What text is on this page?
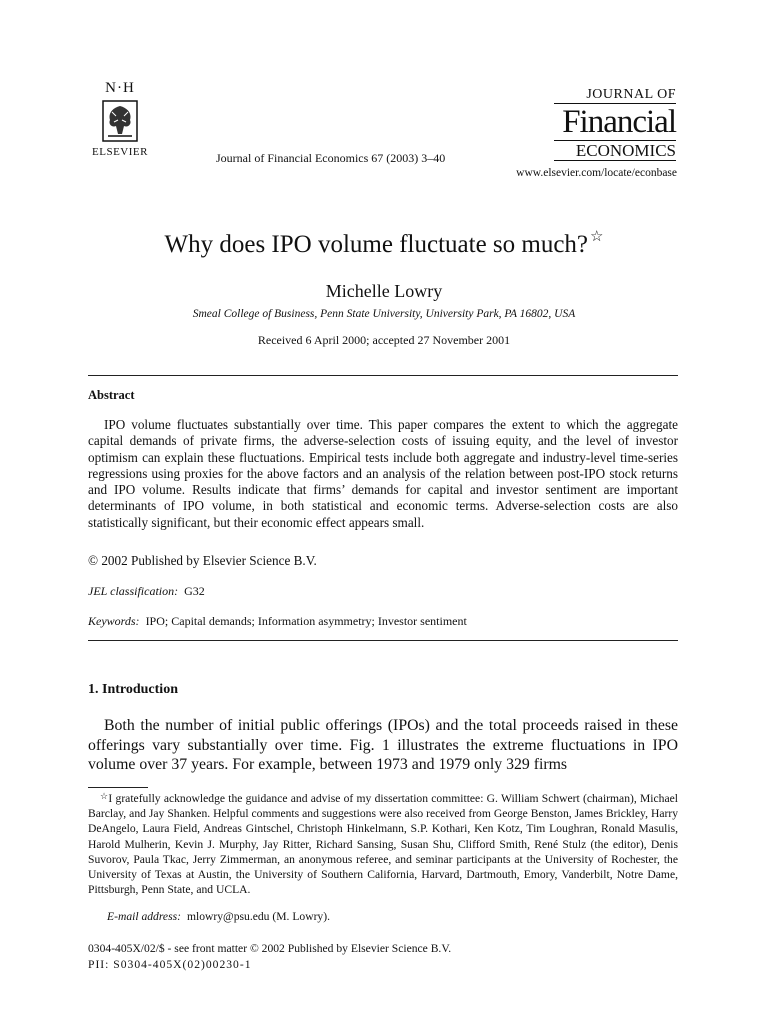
N·H
ELSEVIER	Journal of Financial Economics 67 (2003) 3–40
JOURNAL OF
Financial
ECONOMICS
www.elsevier.com/locate/econbase
Why does IPO volume fluctuate so much? ☆
Michelle Lowry
Smeal College of Business, Penn State University, University Park, PA 16802, USA
Received 6 April 2000; accepted 27 November 2001
Abstract
IPO volume fluctuates substantially over time. This paper compares the extent to which the aggregate capital demands of private firms, the adverse-selection costs of issuing equity, and the level of investor optimism can explain these fluctuations. Empirical tests include both aggregate and industry-level time-series regressions using proxies for the above factors and an analysis of the relation between post-IPO stock returns and IPO volume. Results indicate that firms’ demands for capital and investor sentiment are important determinants of IPO volume, in both statistical and economic terms. Adverse-selection costs are also statistically significant, but their economic effect appears small.
© 2002 Published by Elsevier Science B.V.
JEL classification: G32
Keywords: IPO; Capital demands; Information asymmetry; Investor sentiment
1. Introduction
Both the number of initial public offerings (IPOs) and the total proceeds raised in these offerings vary substantially over time. Fig. 1 illustrates the extreme fluctuations in IPO volume over 37 years. For example, between 1973 and 1979 only 329 firms
☆I gratefully acknowledge the guidance and advise of my dissertation committee: G. William Schwert (chairman), Michael Barclay, and Jay Shanken. Helpful comments and suggestions were also received from George Benston, James Brickley, Harry DeAngelo, Laura Field, Andreas Gintschel, Christoph Hinkelmann, S.P. Kothari, Ken Kotz, Tim Loughran, Ronald Masulis, Harold Mulherin, Kevin J. Murphy, Jay Ritter, Richard Sansing, Susan Shu, Clifford Smith, René Stulz (the editor), Denis Suvorov, Paula Tkac, Jerry Zimmerman, an anonymous referee, and seminar participants at the University of Rochester, the University of Texas at Austin, the University of Southern California, Harvard, Dartmouth, Emory, Vanderbilt, Notre Dame, Pittsburgh, Penn State, and UCLA.
E-mail address: mlowry@psu.edu (M. Lowry).
0304-405X/02/$ - see front matter © 2002 Published by Elsevier Science B.V.
PII: S0304-405X(02)00230-1
